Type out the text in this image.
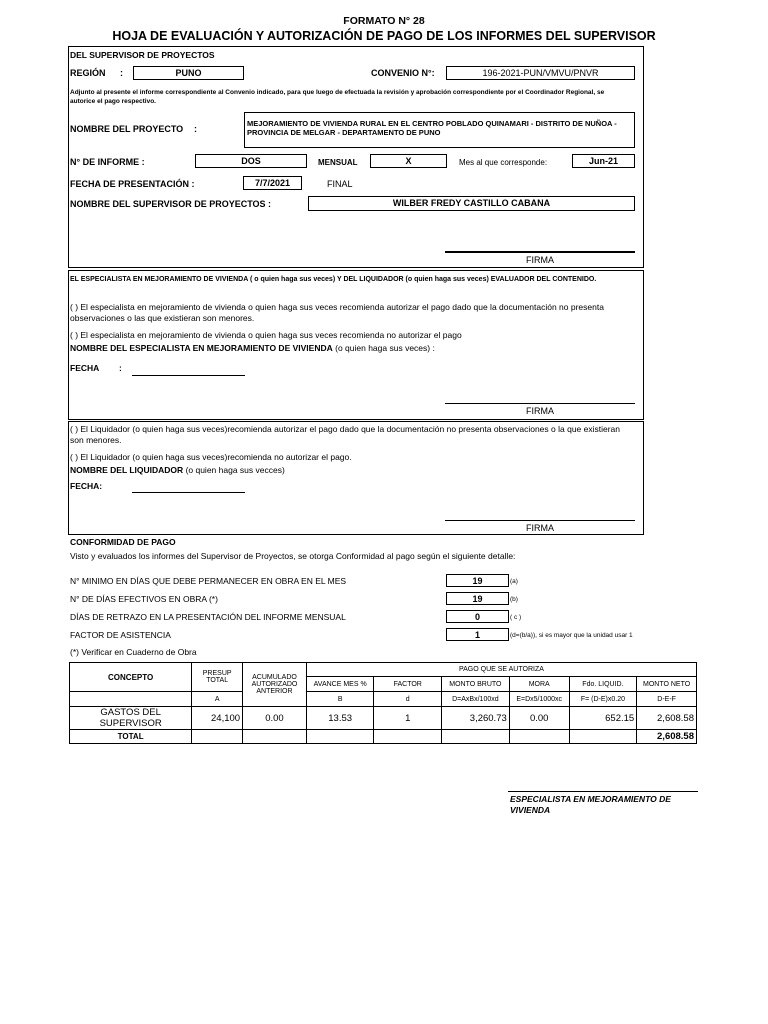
FORMATO N° 28
HOJA DE EVALUACIÓN Y AUTORIZACIÓN DE PAGO DE LOS INFORMES DEL SUPERVISOR
DEL SUPERVISOR DE PROYECTOS
REGIÓN :	PUNO	CONVENIO N°:	196-2021-PUN/VMVU/PNVR
Adjunto al presente el informe correspondiente al Convenio indicado, para que luego de efectuada la revisión y aprobación correspondiente por el Coordinador Regional, se autorice el pago respectivo.
NOMBRE DEL PROYECTO :
MEJORAMIENTO DE VIVIENDA RURAL EN EL CENTRO POBLADO QUINAMARI - DISTRITO DE NUÑOA - PROVINCIA DE MELGAR - DEPARTAMENTO DE PUNO
N° DE INFORME :	DOS	MENSUAL	X	Mes al que corresponde:	Jun-21
FECHA DE PRESENTACIÓN :	7/7/2021	FINAL
NOMBRE DEL SUPERVISOR DE PROYECTOS :	WILBER FREDY CASTILLO CABANA
FIRMA
EL ESPECIALISTA EN MEJORAMIENTO DE VIVIENDA ( o quien haga sus veces) Y DEL LIQUIDADOR (o quien haga sus veces) EVALUADOR DEL CONTENIDO.
( ) El especialista en mejoramiento de vivienda o quien haga sus veces recomienda autorizar el pago dado que la documentación no presenta observaciones o las que existieran son menores.
( ) El especialista en mejoramiento de vivienda o quien haga sus veces recomienda no autorizar el pago
NOMBRE DEL ESPECIALISTA EN MEJORAMIENTO DE VIVIENDA (o quien haga sus veces) :
FECHA :
FIRMA
( ) El Liquidador (o quien haga sus veces)recomienda autorizar el pago dado que la documentación no presenta observaciones o la que existieran son menores.
( ) El Liquidador (o quien haga sus veces)recomienda no autorizar el pago.
NOMBRE DEL LIQUIDADOR (o quien haga sus vecces)
FECHA:
FIRMA
CONFORMIDAD DE PAGO
Visto y evaluados los informes del Supervisor de Proyectos, se otorga Conformidad al pago según el siguiente detalle:
N° MINIMO EN DÍAS QUE DEBE PERMANECER EN OBRA EN EL MES	19	(a)
N° DE DÍAS EFECTIVOS EN OBRA (*)	19	(b)
DÍAS DE RETRAZO EN LA PRESENTACIÓN DEL INFORME MENSUAL	0	( c )
FACTOR DE ASISTENCIA	1	(d=(b/a)), si es mayor que la unidad usar 1
(*) Verificar en Cuaderno de Obra
CONCEPTO	PRESUP TOTAL	ACUMULADO AUTORIZADO ANTERIOR	PAGO QUE SE AUTORIZA					
			AVANCE MES %	FACTOR	MONTO BRUTO	MORA	Fdo. LIQUID.	MONTO NETO
	A		B	d	D=AxBx/100xd	E=Dx5/1000xc	F= (D-E)x0.20	D-E-F
GASTOS DEL SUPERVISOR	24,100	0.00	13.53	1	3,260.73	0.00	652.15	2,608.58
TOTAL								2,608.58
ESPECIALISTA EN MEJORAMIENTO DE VIVIENDA
